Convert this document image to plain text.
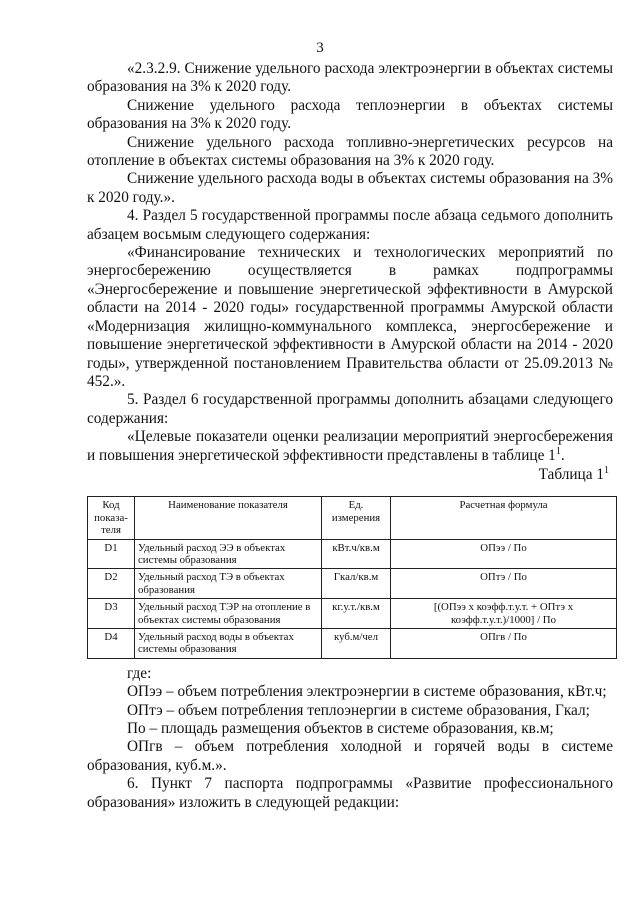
3

«2.3.2.9. Снижение удельного расхода электроэнергии в объектах системы образования на 3% к 2020 году.

Снижение удельного расхода теплоэнергии в объектах системы образования на 3% к 2020 году.

Снижение удельного расхода топливно-энергетических ресурсов на отопление в объектах системы образования на 3% к 2020 году.

Снижение удельного расхода воды в объектах системы образования на 3% к 2020 году.».

4. Раздел 5 государственной программы после абзаца седьмого дополнить абзацем восьмым следующего содержания:

«Финансирование технических и технологических мероприятий по энергосбережению осуществляется в рамках подпрограммы «Энергосбережение и повышение энергетической эффективности в Амурской области на 2014 - 2020 годы» государственной программы Амурской области «Модернизация жилищно-коммунального комплекса, энергосбережение и повышение энергетической эффективности в Амурской области на 2014 - 2020 годы», утвержденной постановлением Правительства области от 25.09.2013 № 452.».

5. Раздел 6 государственной программы дополнить абзацами следующего содержания:

«Целевые показатели оценки реализации мероприятий энергосбережения и повышения энергетической эффективности представлены в таблице $1^1$.

Таблица $1^1$
Код показа-теля	Наименование показателя	Ед. измерения	Расчетная формула
D1	Удельный расход ЭЭ в объектах системы образования	кВт.ч/кв.м	ОПээ / По
D2	Удельный расход ТЭ в объектах образования	Гкал/кв.м	ОПтэ / По
D3	Удельный расход ТЭР на отопление в объектах системы образования	кг.у.т./кв.м	[(ОПээ х коэфф.т.у.т. + ОПтэ х коэфф.т.у.т.)/1000] / По
D4	Удельный расход воды в объектах системы образования	куб.м/чел	ОПгв / По

где:

ОПээ – объем потребления электроэнергии в системе образования, кВт.ч;

ОПтэ – объем потребления теплоэнергии в системе образования, Гкал;

По – площадь размещения объектов в системе образования, кв.м;

ОПгв – объем потребления холодной и горячей воды в системе образования, куб.м.».

6. Пункт 7 паспорта подпрограммы «Развитие профессионального образования» изложить в следующей редакции:
